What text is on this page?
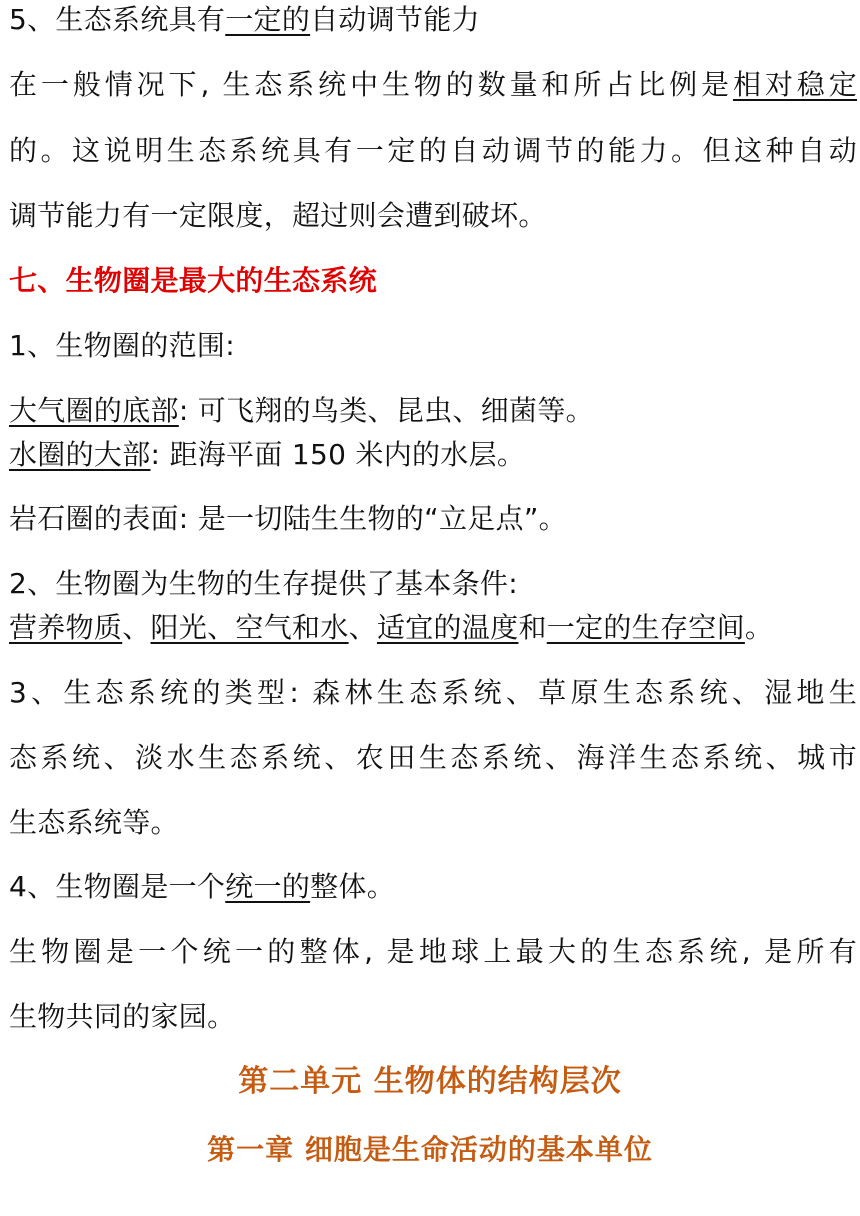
5、生态系统具有一定的自动调节能力
在一般情况下, 生态系统中生物的数量和所占比例是相对稳定
的。这说明生态系统具有一定的自动调节的能力。但这种自动
调节能力有一定限度，超过则会遭到破坏。
七、生物圈是最大的生态系统
1、生物圈的范围:
大气圈的底部: 可飞翔的鸟类、昆虫、细菌等。
水圈的大部: 距海平面 150 米内的水层。
岩石圈的表面: 是一切陆生生物的“立足点”。
2、生物圈为生物的生存提供了基本条件:
营养物质、阳光、空气和水、适宜的温度和一定的生存空间。
3、生态系统的类型: 森林生态系统、草原生态系统、湿地生
态系统、淡水生态系统、农田生态系统、海洋生态系统、城市
生态系统等。
4、生物圈是一个统一的整体。
生物圈是一个统一的整体, 是地球上最大的生态系统, 是所有
生物共同的家园。
第二单元 生物体的结构层次
第一章 细胞是生命活动的基本单位
